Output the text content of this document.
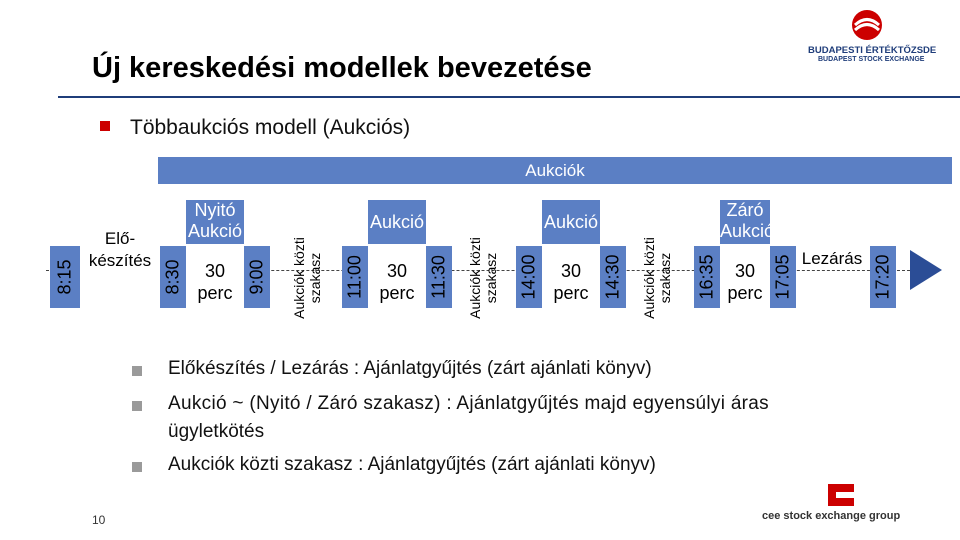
BUDAPESTI ÉRTÉKTŐZSDE
BUDAPEST STOCK EXCHANGE
Új kereskedési modellek bevezetése
Többaukciós modell (Aukciós)
Aukciók
8:15
Elő-
készítés 8:30
Nyitó
Aukció
30
perc 9:00 Aukciók közti
szakasz 11:00
Aukció
30
perc 11:30 Aukciók közti
szakasz 14:00
Aukció
30
perc 14:30 Aukciók közti
szakasz 16:35
Záró
Aukció
30
perc 17:05 Lezárás 17:20
Előkészítés / Lezárás : Ajánlatgyűjtés (zárt ajánlati könyv)
Aukció ~ (Nyitó / Záró szakasz) : Ajánlatgyűjtés majd egyensúlyi áras
ügyletkötés
Aukciók közti szakasz : Ajánlatgyűjtés (zárt ajánlati könyv)
10	cee stock exchange group
